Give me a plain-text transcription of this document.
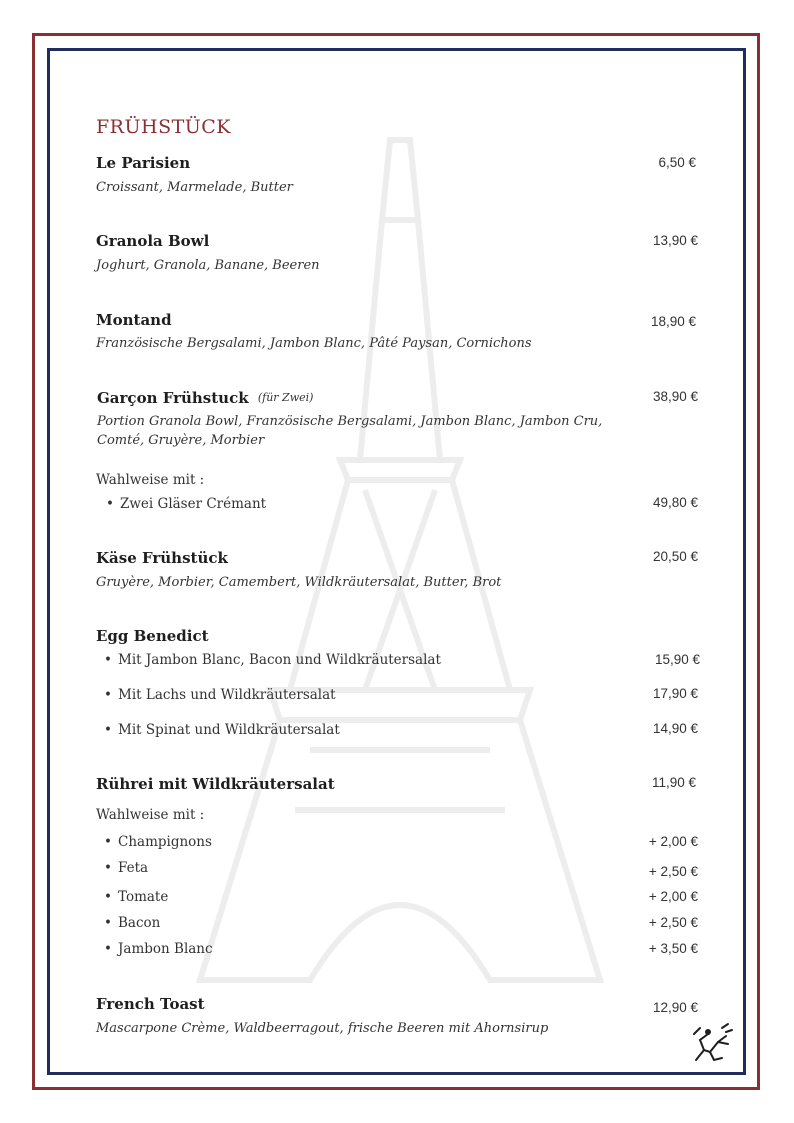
FRÜHSTÜCK
Le Parisien
Croissant, Marmelade, Butter
6,50 €
Granola Bowl
Joghurt, Granola, Banane, Beeren
13,90 €
Montand
Französische Bergsalami, Jambon Blanc, Pâté Paysan, Cornichons
18,90 €
Garçon Frühstuck (für Zwei)
Portion Granola Bowl, Französische Bergsalami, Jambon Blanc, Jambon Cru,
Comté, Gruyère, Morbier
38,90 €
Wahlweise mit :
• Zwei Gläser Crémant	49,80 €
Käse Frühstück
Gruyère, Morbier, Camembert, Wildkräutersalat, Butter, Brot
20,50 €
Egg Benedict
• Mit Jambon Blanc, Bacon und Wildkräutersalat	15,90 €
• Mit Lachs und Wildkräutersalat	17,90 €
• Mit Spinat und Wildkräutersalat	14,90 €
Rührei mit Wildkräutersalat	11,90 €
Wahlweise mit :
• Champignons	+ 2,00 €
• Feta	+ 2,50 €
• Tomate	+ 2,00 €
• Bacon	+ 2,50 €
• Jambon Blanc	+ 3,50 €
French Toast
Mascarpone Crème, Waldbeerragout, frische Beeren mit Ahornsirup
12,90 €
